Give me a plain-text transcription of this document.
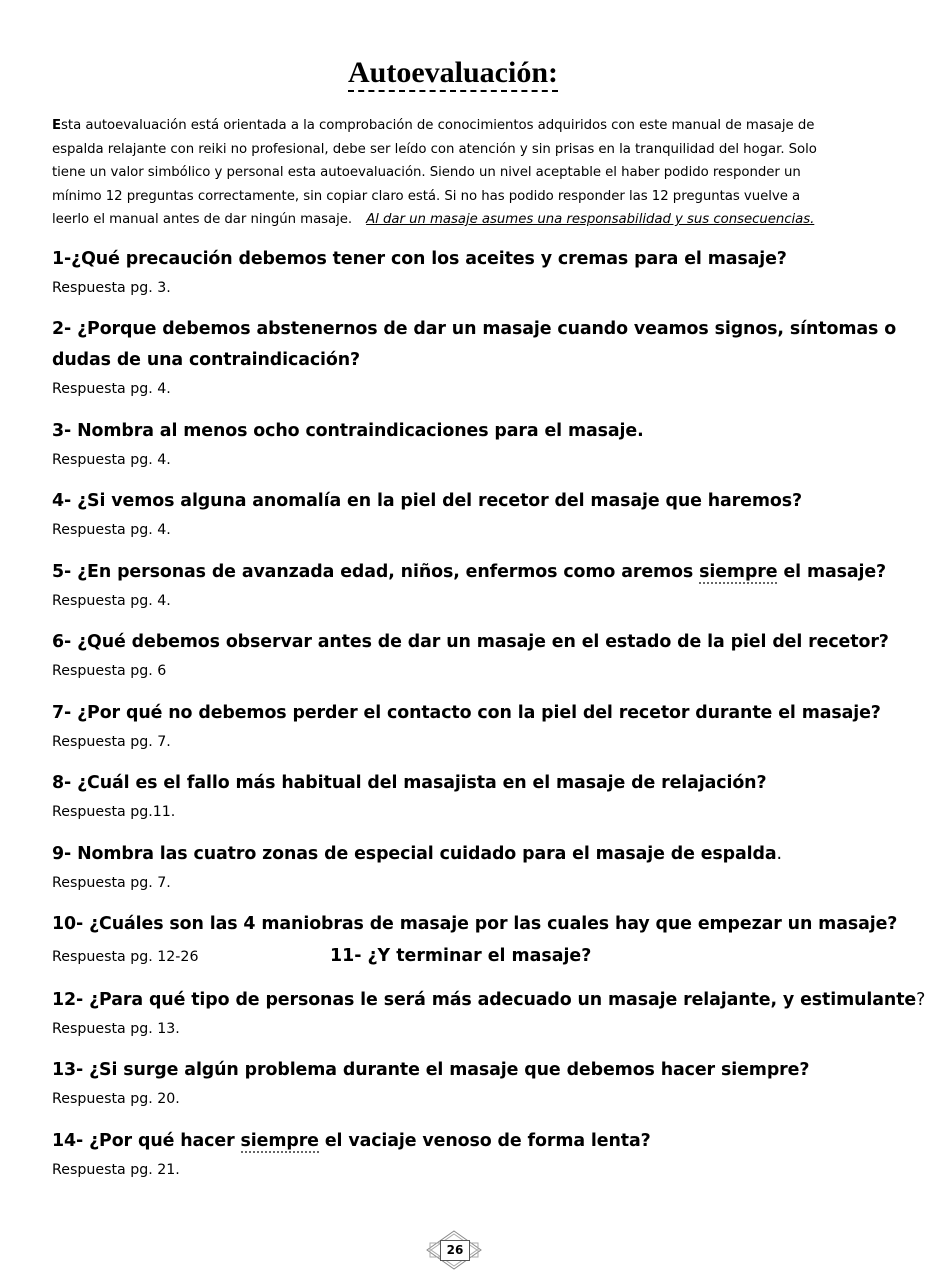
Autoevaluación:
Esta autoevaluación está orientada a la comprobación de conocimientos adquiridos con este manual de masaje de
espalda relajante con reiki no profesional, debe ser leído con atención y sin prisas en la tranquilidad del hogar. Solo
tiene un valor simbólico y personal esta autoevaluación. Siendo un nivel aceptable el haber podido responder un
mínimo 12 preguntas correctamente, sin copiar claro está. Si no has podido responder las 12 preguntas vuelve a
leerlo el manual antes de dar ningún masaje. Al dar un masaje asumes una responsabilidad y sus consecuencias.
1-¿Qué precaución debemos tener con los aceites y cremas para el masaje?
Respuesta pg. 3.
2- ¿Porque debemos abstenernos de dar un masaje cuando veamos signos, síntomas o
dudas de una contraindicación?
Respuesta pg. 4.
3- Nombra al menos ocho contraindicaciones para el masaje.
Respuesta pg. 4.
4- ¿Si vemos alguna anomalía en la piel del recetor del masaje que haremos?
Respuesta pg. 4.
5- ¿En personas de avanzada edad, niños, enfermos como aremos siempre el masaje?
Respuesta pg. 4.
6- ¿Qué debemos observar antes de dar un masaje en el estado de la piel del recetor?
Respuesta pg. 6
7- ¿Por qué no debemos perder el contacto con la piel del recetor durante el masaje?
Respuesta pg. 7.
8- ¿Cuál es el fallo más habitual del masajista en el masaje de relajación?
Respuesta pg.11.
9- Nombra las cuatro zonas de especial cuidado para el masaje de espalda.
Respuesta pg. 7.
10- ¿Cuáles son las 4 maniobras de masaje por las cuales hay que empezar un masaje?
Respuesta pg. 12-26	11- ¿Y terminar el masaje?
12- ¿Para qué tipo de personas le será más adecuado un masaje relajante, y estimulante?
Respuesta pg. 13.
13- ¿Si surge algún problema durante el masaje que debemos hacer siempre?
Respuesta pg. 20.
14- ¿Por qué hacer siempre el vaciaje venoso de forma lenta?
Respuesta pg. 21.
26
